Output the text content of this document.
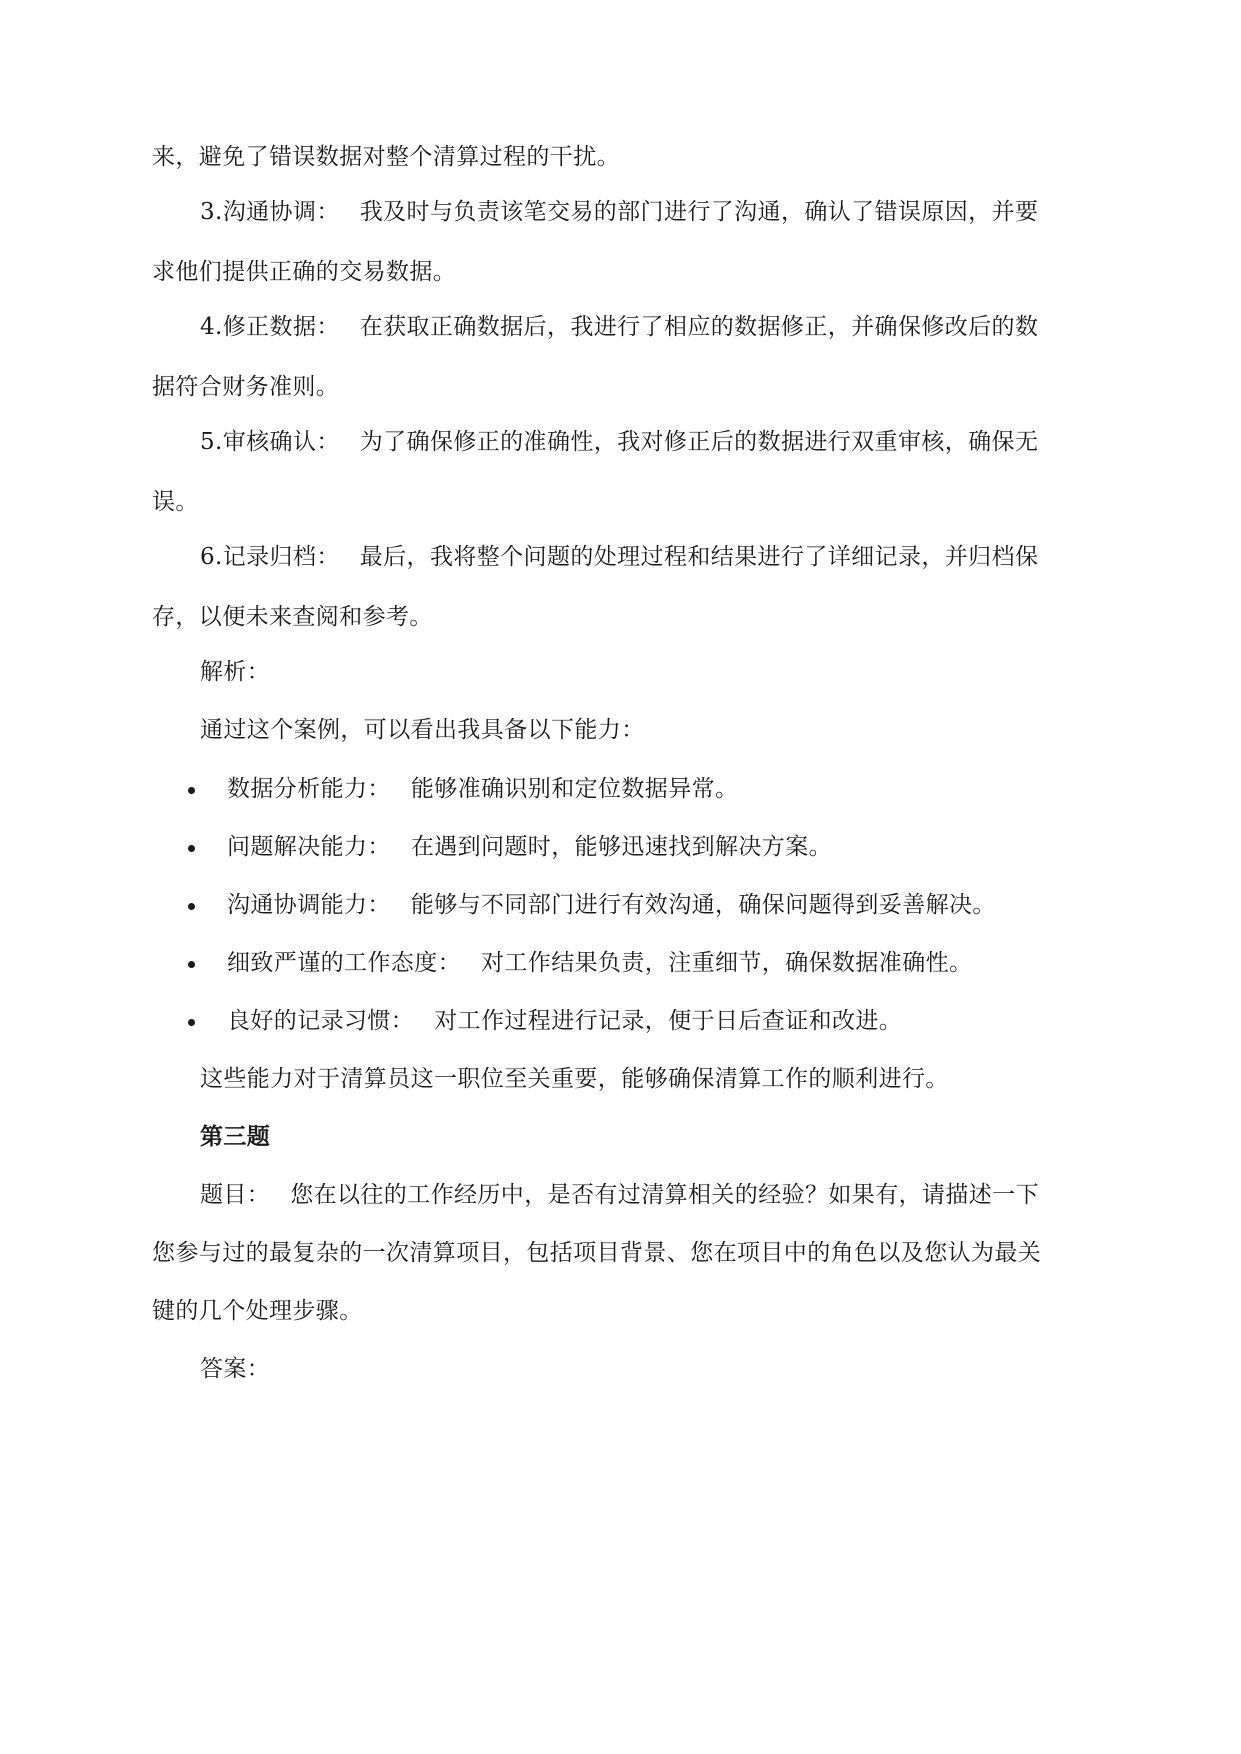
来，避免了错误数据对整个清算过程的干扰。
3.沟通协调： 我及时与负责该笔交易的部门进行了沟通，确认了错误原因，并要
求他们提供正确的交易数据。
4.修正数据： 在获取正确数据后，我进行了相应的数据修正，并确保修改后的数
据符合财务准则。
5.审核确认： 为了确保修正的准确性，我对修正后的数据进行双重审核，确保无
误。
6.记录归档： 最后，我将整个问题的处理过程和结果进行了详细记录，并归档保
存，以便未来查阅和参考。
解析：
通过这个案例，可以看出我具备以下能力：
数据分析能力： 能够准确识别和定位数据异常。
问题解决能力： 在遇到问题时，能够迅速找到解决方案。
沟通协调能力： 能够与不同部门进行有效沟通，确保问题得到妥善解决。
细致严谨的工作态度： 对工作结果负责，注重细节，确保数据准确性。
良好的记录习惯： 对工作过程进行记录，便于日后查证和改进。
这些能力对于清算员这一职位至关重要，能够确保清算工作的顺利进行。
第三题
题目： 您在以往的工作经历中，是否有过清算相关的经验？如果有，请描述一下
您参与过的最复杂的一次清算项目，包括项目背景、您在项目中的角色以及您认为最关
键的几个处理步骤。
答案：
